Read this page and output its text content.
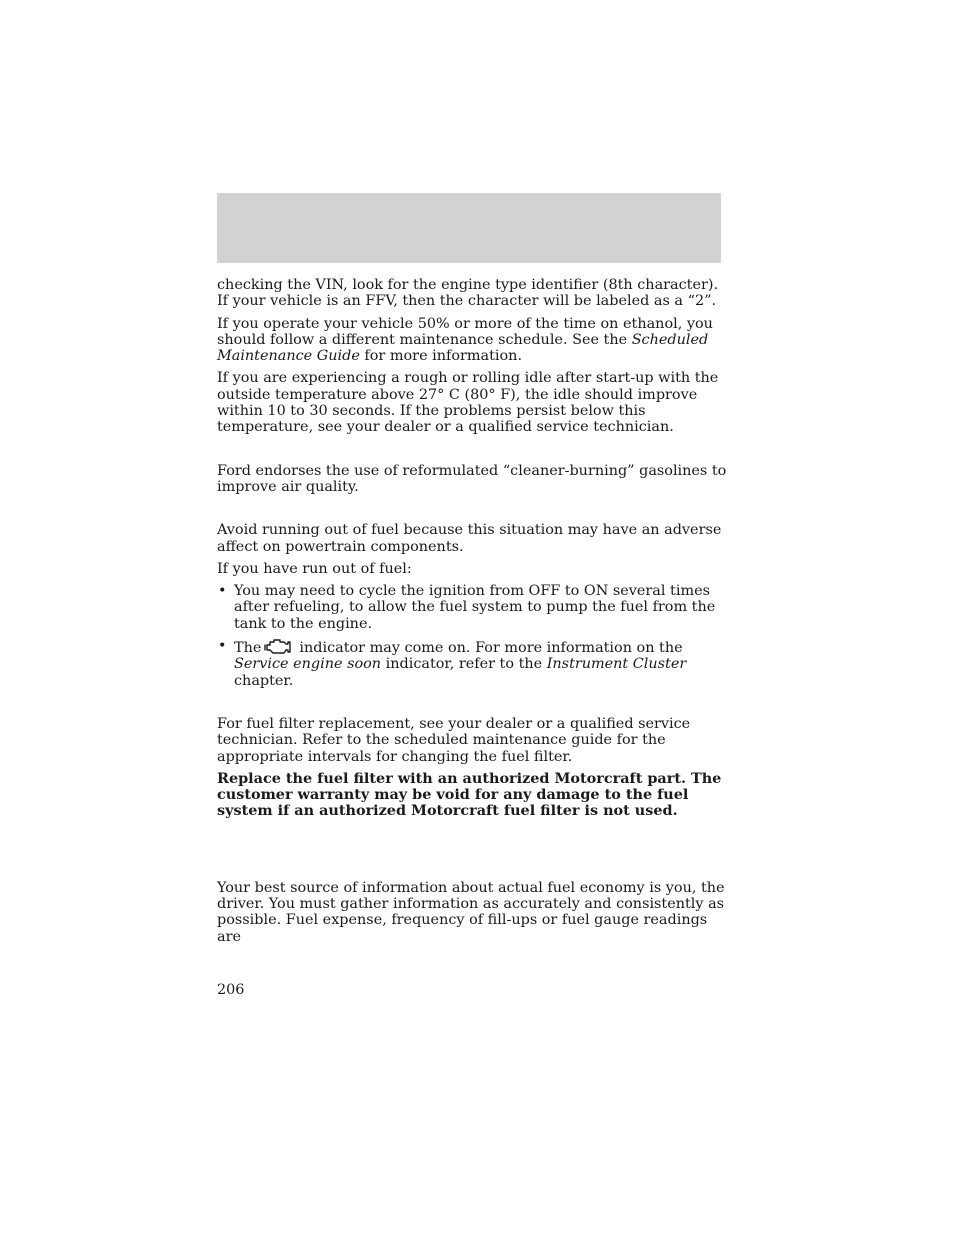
checking the VIN, look for the engine type identifier (8th character). If your vehicle is an FFV, then the character will be labeled as a “2”.

If you operate your vehicle 50% or more of the time on ethanol, you should follow a different maintenance schedule. See the Scheduled Maintenance Guide for more information.

If you are experiencing a rough or rolling idle after start-up with the outside temperature above 27° C (80° F), the idle should improve within 10 to 30 seconds. If the problems persist below this temperature, see your dealer or a qualified service technician.

Ford endorses the use of reformulated “cleaner-burning” gasolines to improve air quality.

Avoid running out of fuel because this situation may have an adverse affect on powertrain components.

If you have run out of fuel:

• You may need to cycle the ignition from OFF to ON several times after refueling, to allow the fuel system to pump the fuel from the tank to the engine.
• The	indicator may come on. For more information on the Service engine soon indicator, refer to the Instrument Cluster chapter.

For fuel filter replacement, see your dealer or a qualified service technician. Refer to the scheduled maintenance guide for the appropriate intervals for changing the fuel filter.

Replace the fuel filter with an authorized Motorcraft part. The customer warranty may be void for any damage to the fuel system if an authorized Motorcraft fuel filter is not used.

Your best source of information about actual fuel economy is you, the driver. You must gather information as accurately and consistently as possible. Fuel expense, frequency of fill-ups or fuel gauge readings are

206
